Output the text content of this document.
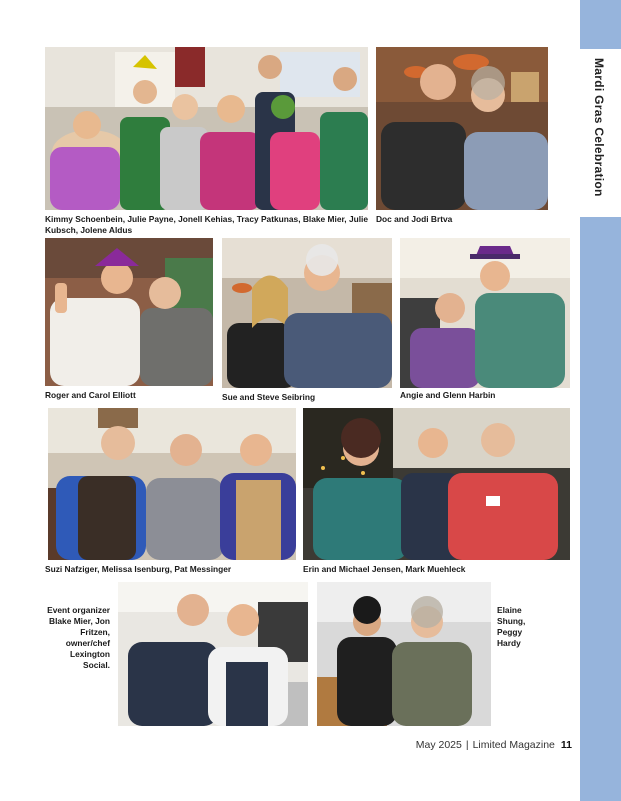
Mardi Gras Celebration
Kimmy Schoenbein, Julie Payne, Jonell Kehias, Tracy Patkunas, Blake Mier, Julie Kubsch, Jolene Aldus
Doc and Jodi Brtva
Roger and Carol Elliott	Sue and Steve Seibring	Angie and Glenn Harbin
Suzi Nafziger, Melissa Isenburg, Pat Messinger	Erin and Michael Jensen, Mark Muehleck
Event organizer Blake Mier, Jon Fritzen, owner/chef Lexington Social.
Elaine Shung, Peggy Hardy
May 2025 | Limited Magazine 11
